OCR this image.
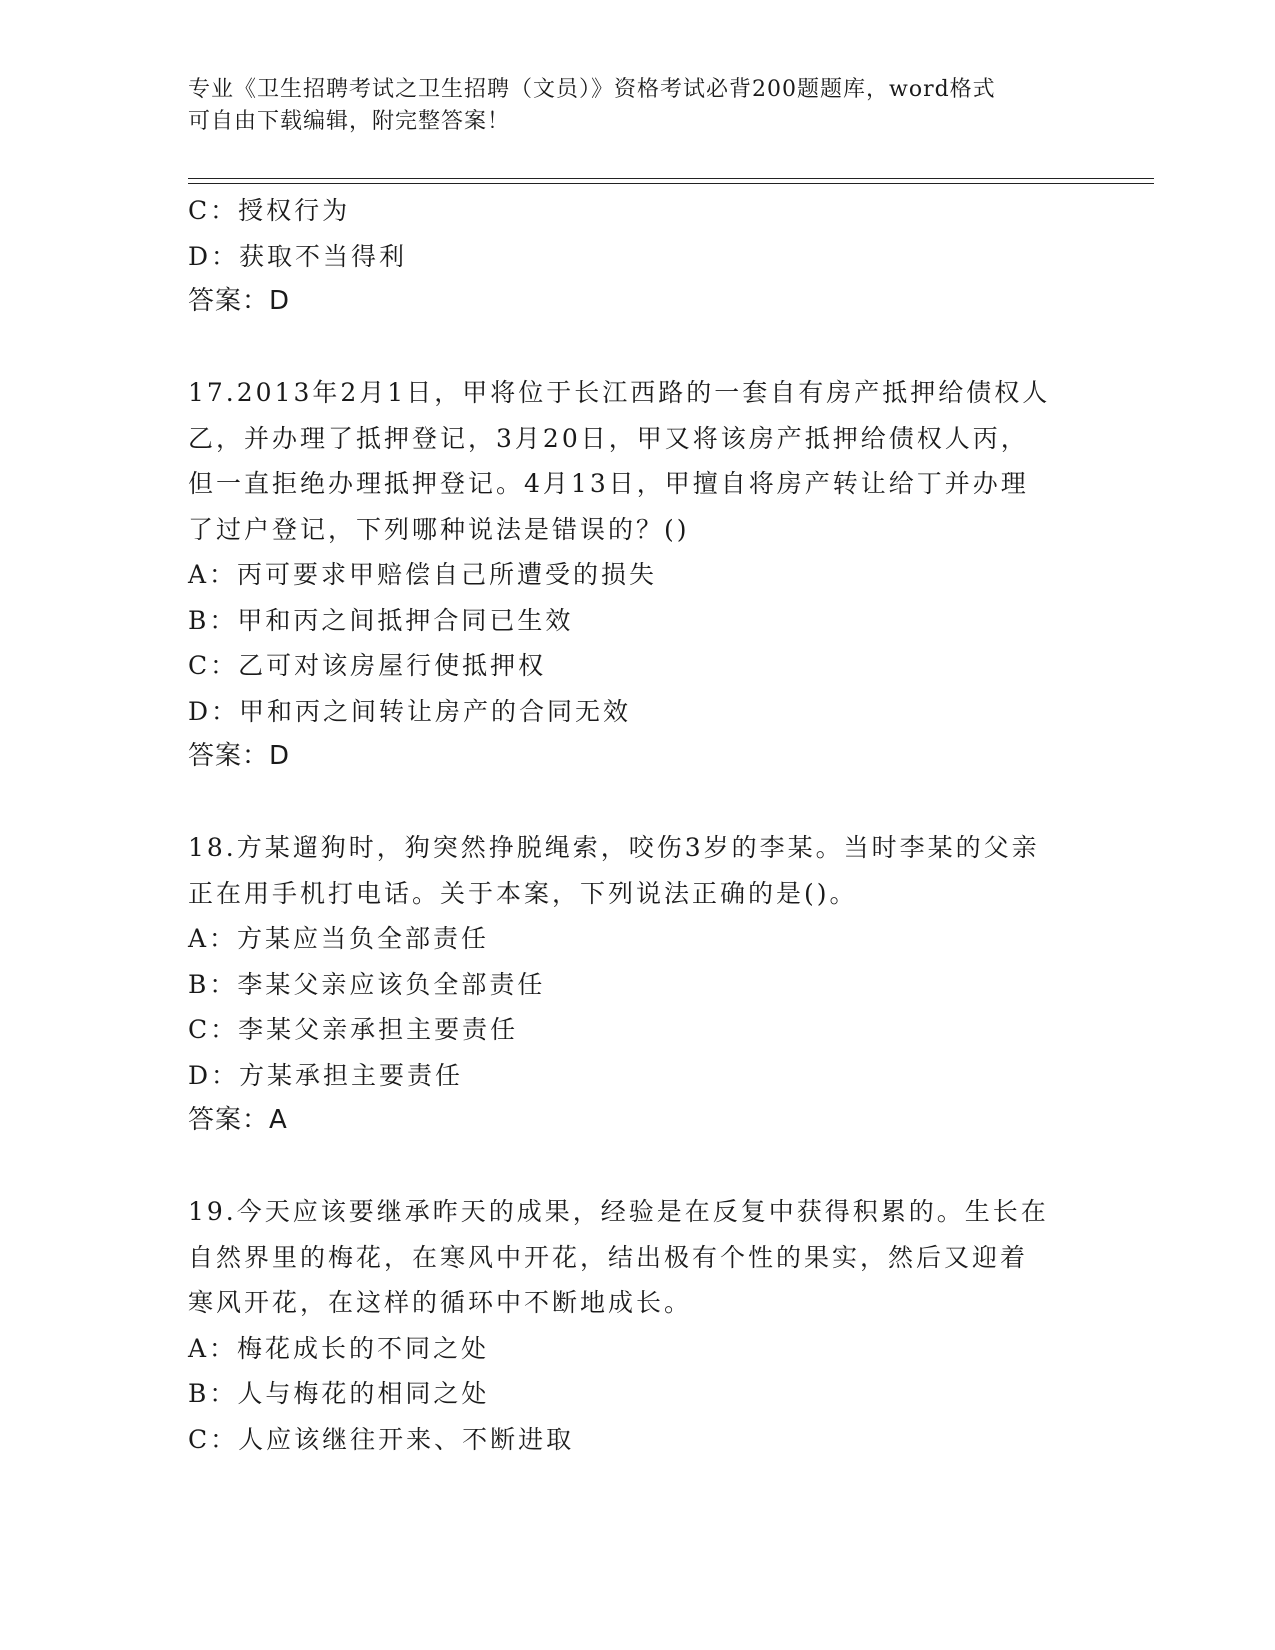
专业《卫生招聘考试之卫生招聘（文员）》资格考试必背200题题库，word格式
可自由下载编辑，附完整答案！
C：授权行为
D：获取不当得利
答案：D
17.2013年2月1日，甲将位于长江西路的一套自有房产抵押给债权人
乙，并办理了抵押登记，3月20日，甲又将该房产抵押给债权人丙，
但一直拒绝办理抵押登记。4月13日，甲擅自将房产转让给丁并办理
了过户登记，下列哪种说法是错误的？()
A：丙可要求甲赔偿自己所遭受的损失
B：甲和丙之间抵押合同已生效
C：乙可对该房屋行使抵押权
D：甲和丙之间转让房产的合同无效
答案：D
18.方某遛狗时，狗突然挣脱绳索，咬伤3岁的李某。当时李某的父亲
正在用手机打电话。关于本案，下列说法正确的是()。
A：方某应当负全部责任
B：李某父亲应该负全部责任
C：李某父亲承担主要责任
D：方某承担主要责任
答案：A
19.今天应该要继承昨天的成果，经验是在反复中获得积累的。生长在
自然界里的梅花，在寒风中开花，结出极有个性的果实，然后又迎着
寒风开花，在这样的循环中不断地成长。
A：梅花成长的不同之处
B：人与梅花的相同之处
C：人应该继往开来、不断进取
